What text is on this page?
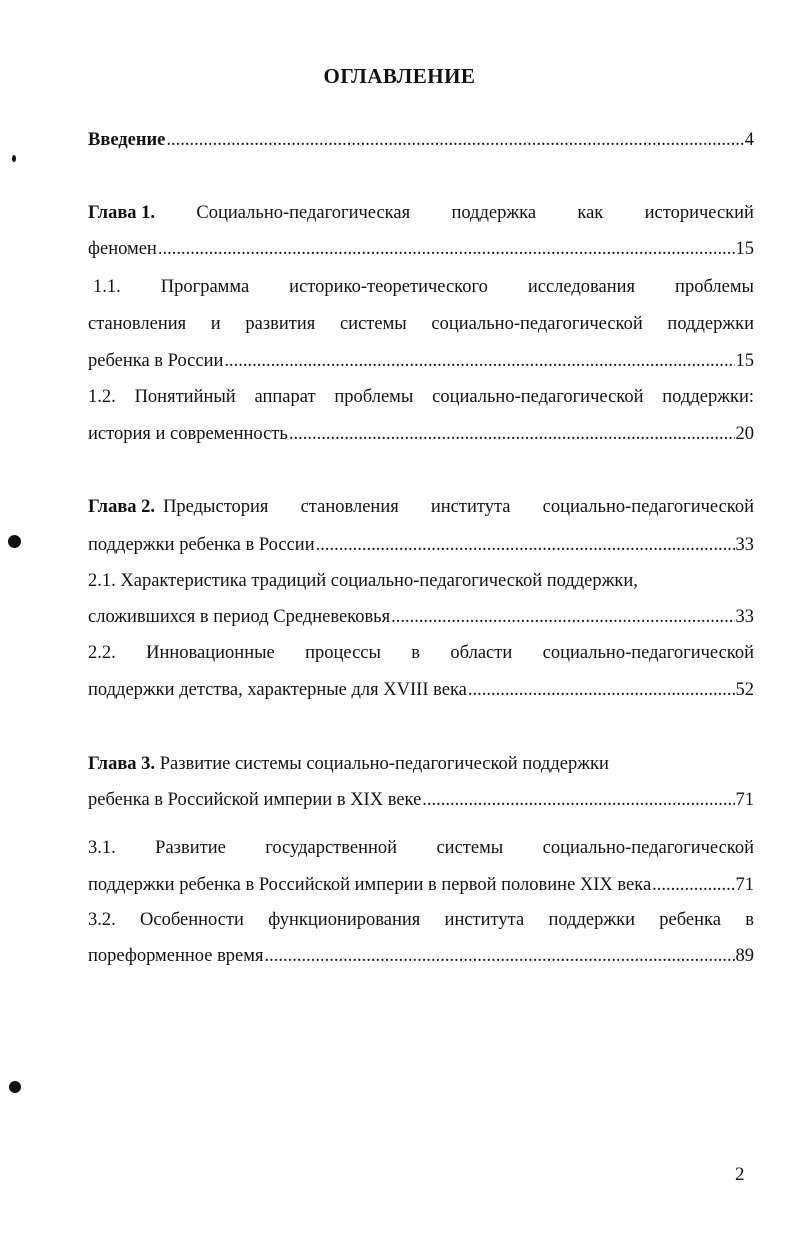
ОГЛАВЛЕНИЕ
Введение .....	4
Глава 1. Социально-педагогическая поддержка как исторический
феномен .....	15
1.1. Программа историко-теоретического исследования проблемы
становления и развития системы социально-педагогической поддержки
ребенка в России .....	15
1.2. Понятийный аппарат проблемы социально-педагогической поддержки:
история и современность .....	20
Глава 2. Предыстория становления института социально-педагогической
поддержки ребенка в России .....	33
2.1. Характеристика традиций социально-педагогической поддержки,
сложившихся в период Средневековья .....	33
2.2. Инновационные процессы в области социально-педагогической
поддержки детства, характерные для XVIII века .....	52
Глава 3. Развитие системы социально-педагогической поддержки
ребенка в Российской империи в XIX веке .....	71
3.1. Развитие государственной системы социально-педагогической
поддержки ребенка в Российской империи в первой половине XIX века .....	71
3.2. Особенности функционирования института поддержки ребенка в
пореформенное время .....	89
2
